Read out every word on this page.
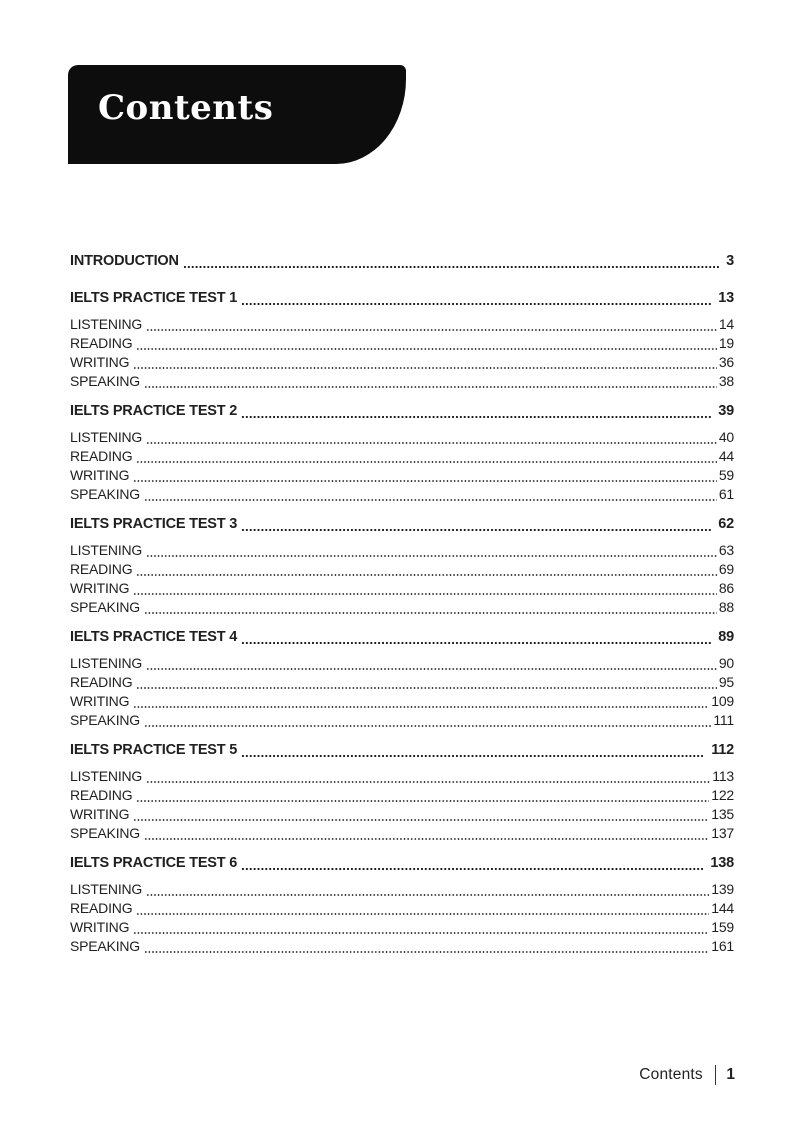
Contents
INTRODUCTION	3
IELTS PRACTICE TEST 1	13
LISTENING	14
READING	19
WRITING	36
SPEAKING	38
IELTS PRACTICE TEST 2	39
LISTENING	40
READING	44
WRITING	59
SPEAKING	61
IELTS PRACTICE TEST 3	62
LISTENING	63
READING	69
WRITING	86
SPEAKING	88
IELTS PRACTICE TEST 4	89
LISTENING	90
READING	95
WRITING	109
SPEAKING	111
IELTS PRACTICE TEST 5	112
LISTENING	113
READING	122
WRITING	135
SPEAKING	137
IELTS PRACTICE TEST 6	138
LISTENING	139
READING	144
WRITING	159
SPEAKING	161
Contents 1
